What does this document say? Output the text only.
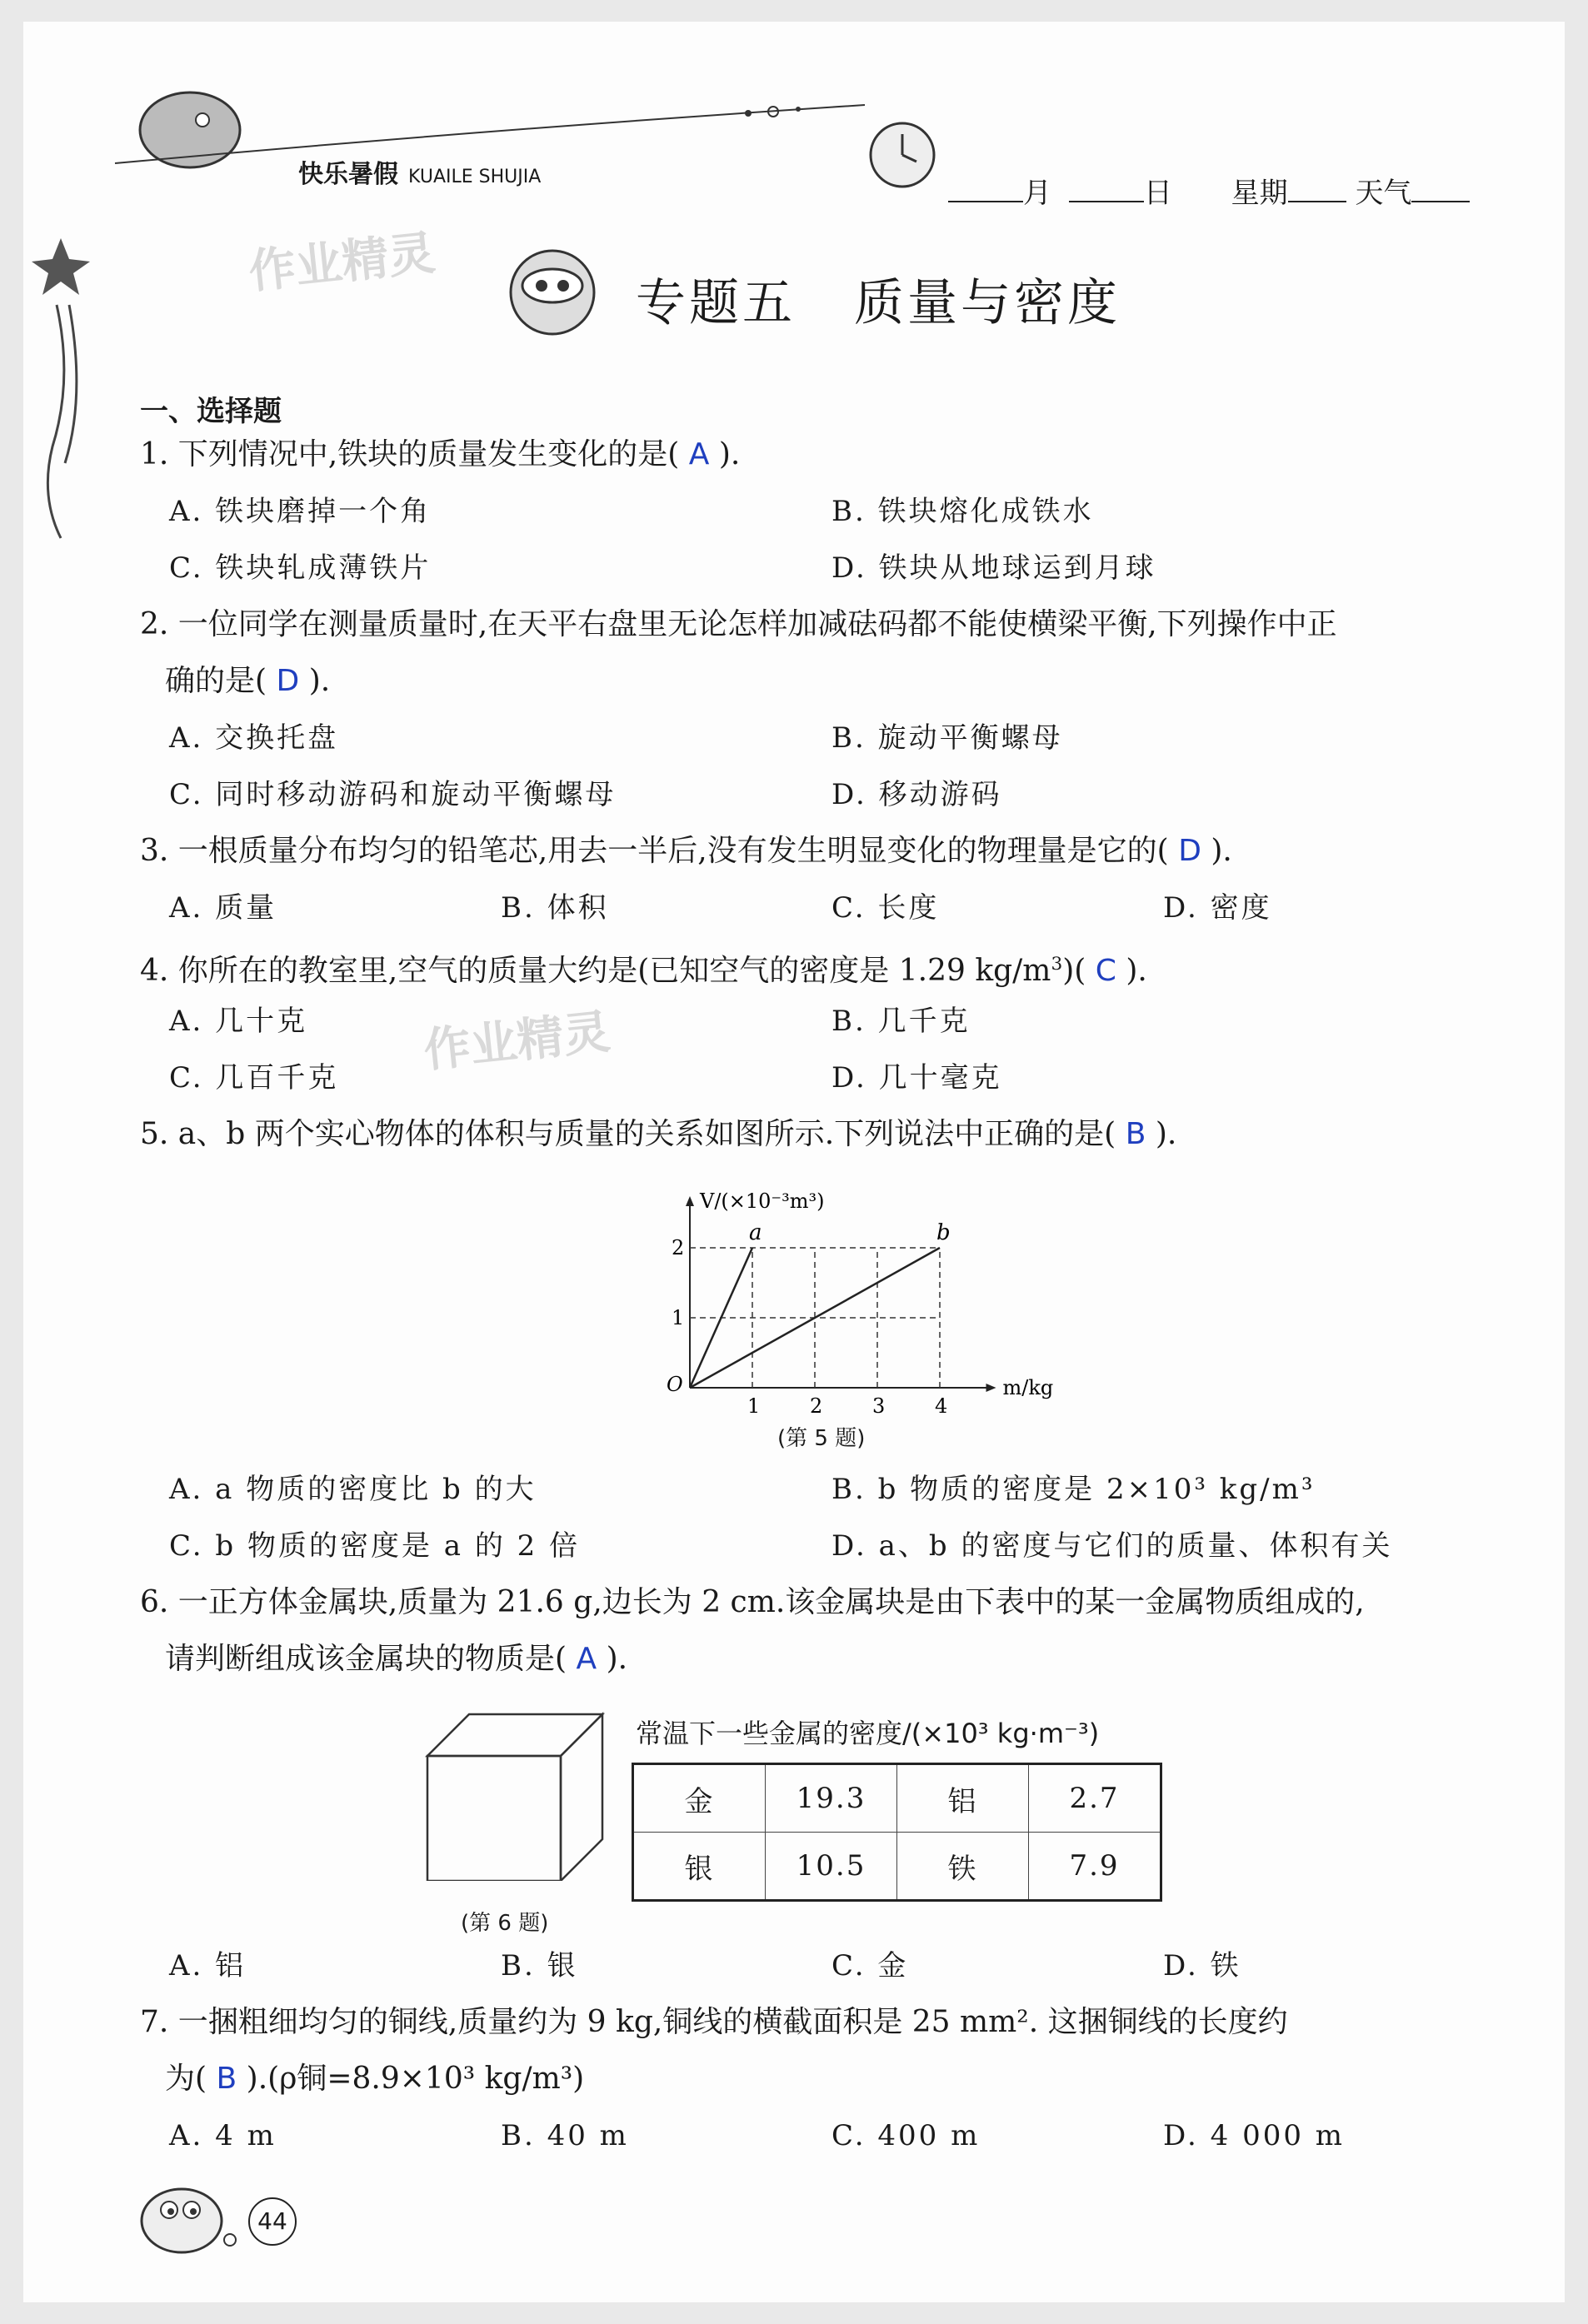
快乐暑假 KUAILE SHUJIA	月	日 星期 天气
作业精灵
作业精灵
专题五 质量与密度
一、选择题
1. 下列情况中,铁块的质量发生变化的是( A ).
A. 铁块磨掉一个角	B. 铁块熔化成铁水
C. 铁块轧成薄铁片	D. 铁块从地球运到月球
2. 一位同学在测量质量时,在天平右盘里无论怎样加减砝码都不能使横梁平衡,下列操作中正
确的是( D ).
A. 交换托盘	B. 旋动平衡螺母
C. 同时移动游码和旋动平衡螺母	D. 移动游码
3. 一根质量分布均匀的铅笔芯,用去一半后,没有发生明显变化的物理量是它的( D ).
A. 质量	B. 体积	C. 长度	D. 密度
4. 你所在的教室里,空气的质量大约是(已知空气的密度是 1.29 $kg/m^3$)( C ).
A. 几十克	B. 几千克
C. 几百千克	D. 几十毫克
5. a、b 两个实心物体的体积与质量的关系如图所示.下列说法中正确的是( B ).
1 2 3 4
1
2
O	m/kg
V/(×10⁻³m³)
a	b
(第 5 题)
A. a 物质的密度比 b 的大	B. b 物质的密度是 2×10³ kg/m³
C. b 物质的密度是 a 的 2 倍	D. a、b 的密度与它们的质量、体积有关
6. 一正方体金属块,质量为 21.6 g,边长为 2 cm.该金属块是由下表中的某一金属物质组成的,
请判断组成该金属块的物质是( A ).
(第 6 题)
常温下一些金属的密度/(×10³ kg·m⁻³)
金	19.3	铝	2.7
银	10.5	铁	7.9
A. 铝	B. 银	C. 金	D. 铁
7. 一捆粗细均匀的铜线,质量约为 9 kg,铜线的横截面积是 25 mm². 这捆铜线的长度约
为( B ).(ρ铜=8.9×10³ kg/m³)
A. 4 m	B. 40 m	C. 400 m	D. 4 000 m
44
